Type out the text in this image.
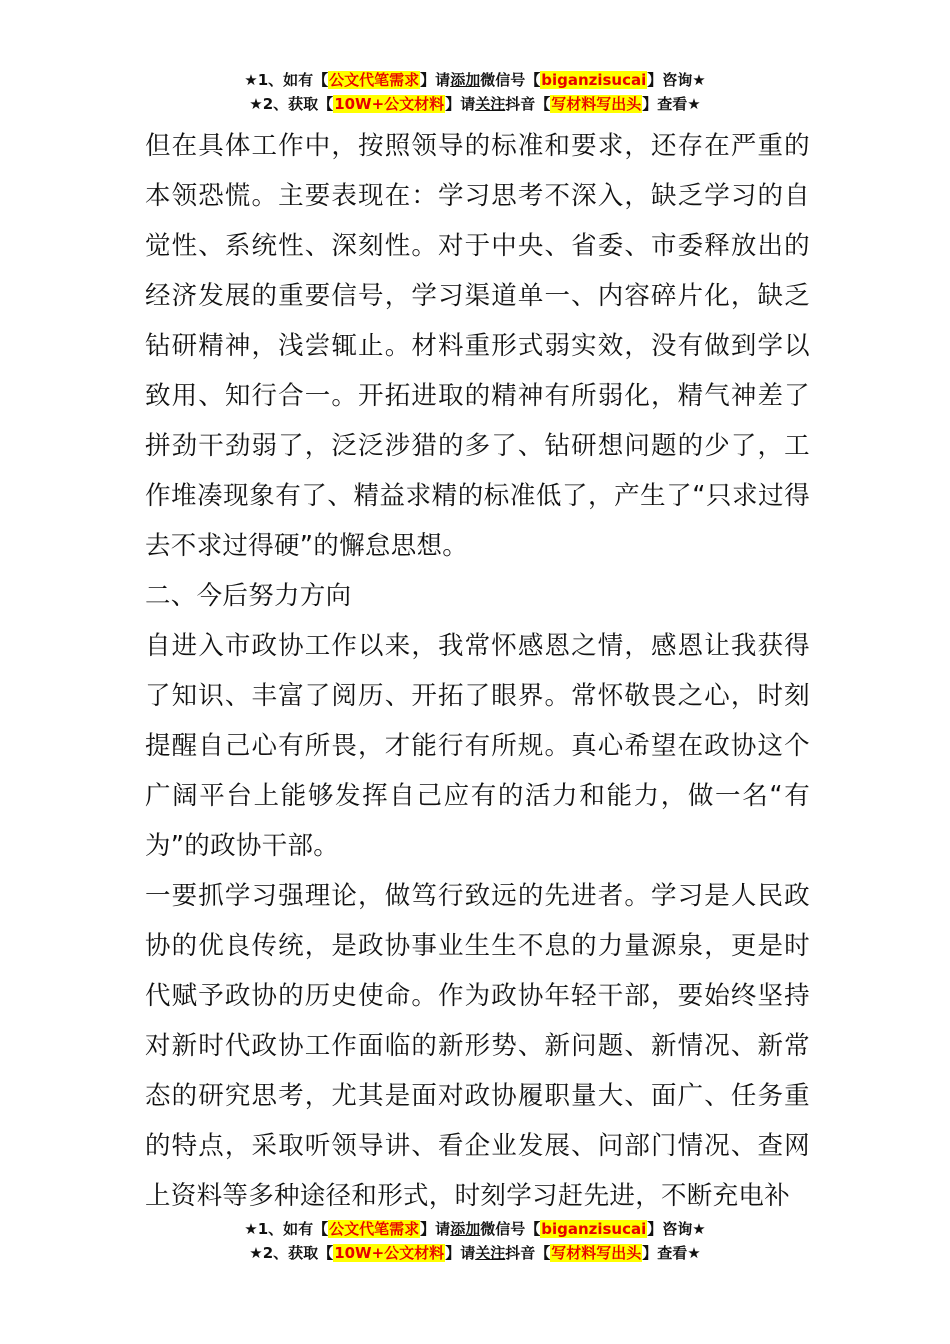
★1、如有【公文代笔需求】请添加微信号【biganzisucai】咨询★
★2、获取【10W+公文材料】请关注抖音【写材料写出头】查看★

但在具体工作中，按照领导的标准和要求，还存在严重的本领恐慌。主要表现在：学习思考不深入，缺乏学习的自觉性、系统性、深刻性。对于中央、省委、市委释放出的经济发展的重要信号，学习渠道单一、内容碎片化，缺乏钻研精神，浅尝辄止。材料重形式弱实效，没有做到学以致用、知行合一。开拓进取的精神有所弱化，精气神差了拼劲干劲弱了，泛泛涉猎的多了、钻研想问题的少了，工作堆凑现象有了、精益求精的标准低了，产生了“只求过得去不求过得硬”的懈怠思想。

二、今后努力方向

自进入市政协工作以来，我常怀感恩之情，感恩让我获得了知识、丰富了阅历、开拓了眼界。常怀敬畏之心，时刻提醒自己心有所畏，才能行有所规。真心希望在政协这个广阔平台上能够发挥自己应有的活力和能力，做一名“有为”的政协干部。

一要抓学习强理论，做笃行致远的先进者。学习是人民政协的优良传统，是政协事业生生不息的力量源泉，更是时代赋予政协的历史使命。作为政协年轻干部，要始终坚持对新时代政协工作面临的新形势、新问题、新情况、新常态的研究思考，尤其是面对政协履职量大、面广、任务重的特点，采取听领导讲、看企业发展、问部门情况、查网上资料等多种途径和形式，时刻学习赶先进，不断充电补

★1、如有【公文代笔需求】请添加微信号【biganzisucai】咨询★
★2、获取【10W+公文材料】请关注抖音【写材料写出头】查看★
